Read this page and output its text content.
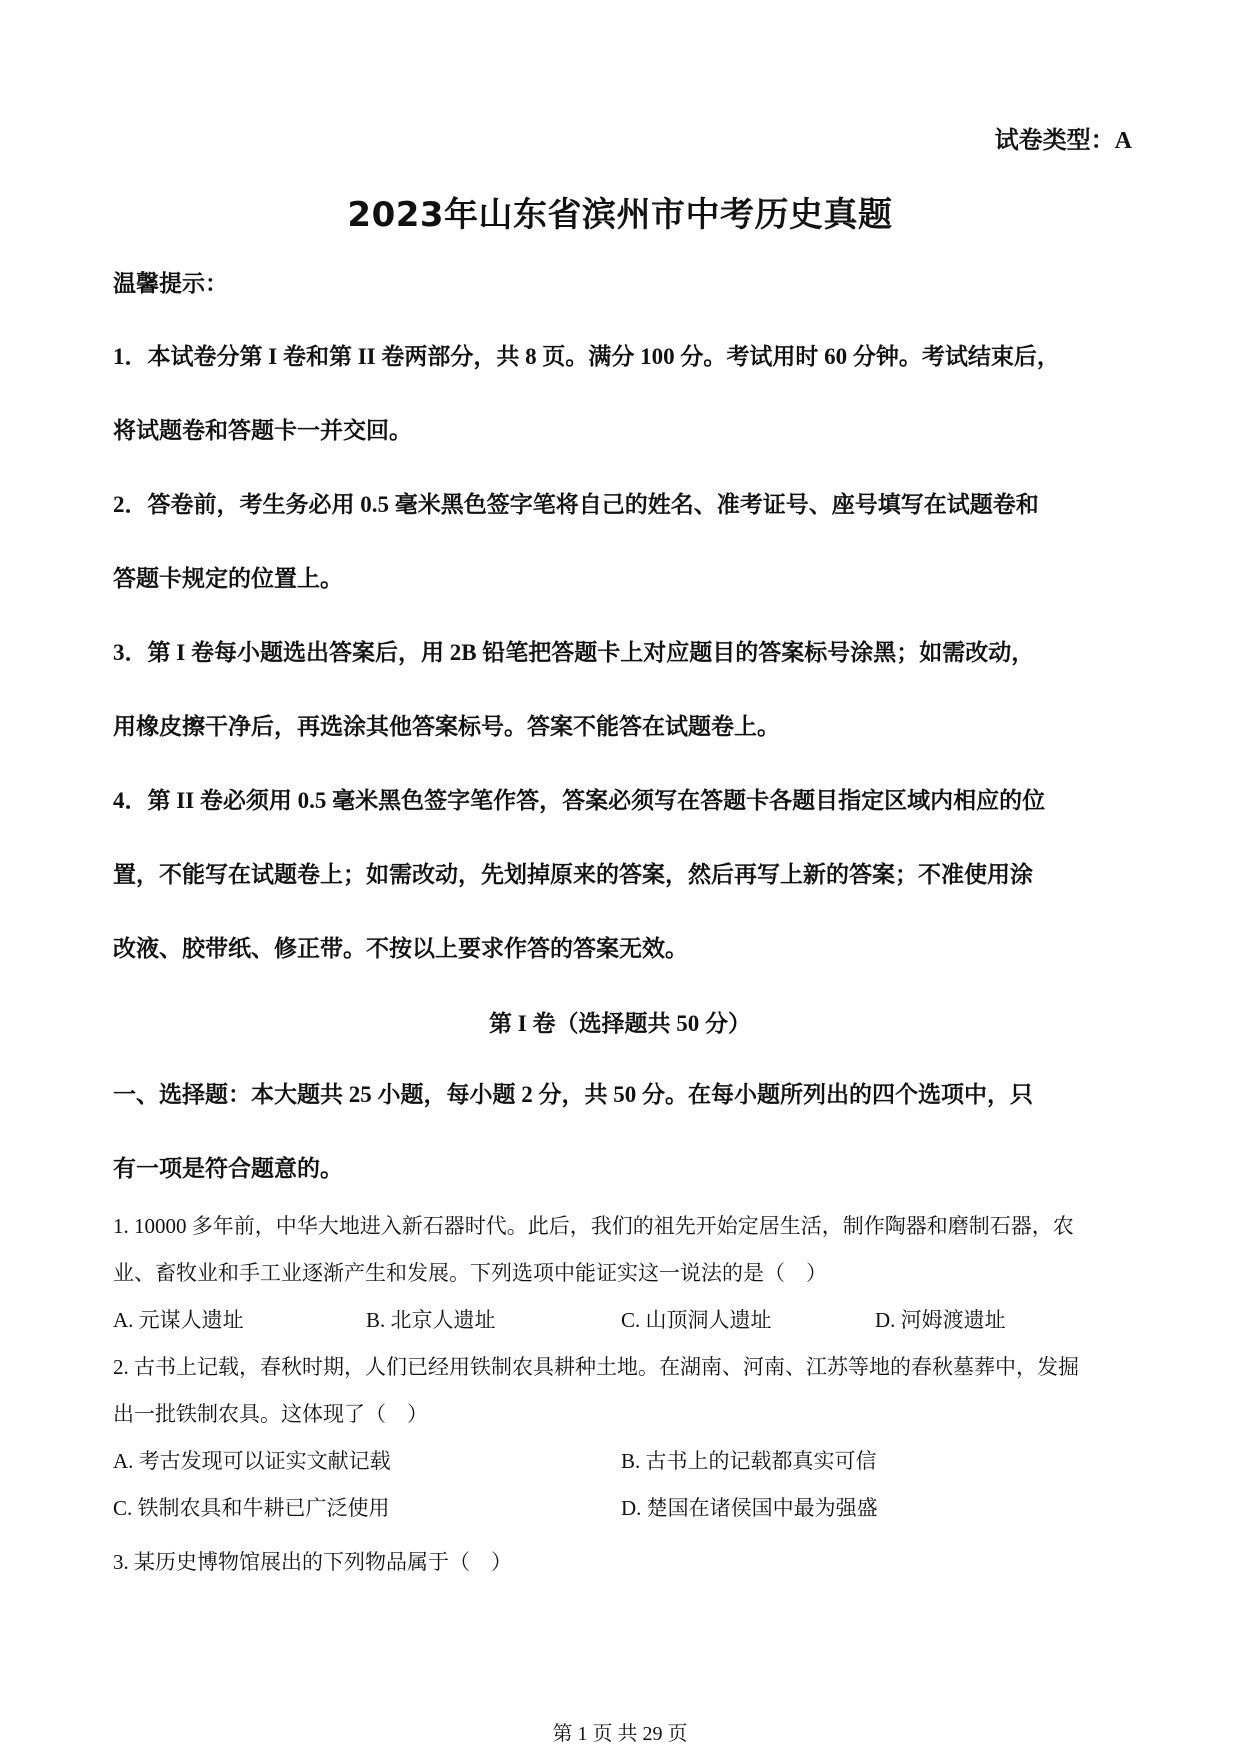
试卷类型：A
2023年山东省滨州市中考历史真题
温馨提示：
1．本试卷分第 I 卷和第 II 卷两部分，共 8 页。满分 100 分。考试用时 60 分钟。考试结束后，
将试题卷和答题卡一并交回。
2．答卷前，考生务必用 0.5 毫米黑色签字笔将自己的姓名、准考证号、座号填写在试题卷和
答题卡规定的位置上。
3．第 I 卷每小题选出答案后，用 2B 铅笔把答题卡上对应题目的答案标号涂黑；如需改动，
用橡皮擦干净后，再选涂其他答案标号。答案不能答在试题卷上。
4．第 II 卷必须用 0.5 毫米黑色签字笔作答，答案必须写在答题卡各题目指定区域内相应的位
置，不能写在试题卷上；如需改动，先划掉原来的答案，然后再写上新的答案；不准使用涂
改液、胶带纸、修正带。不按以上要求作答的答案无效。
第 I 卷（选择题共 50 分）
一、选择题：本大题共 25 小题，每小题 2 分，共 50 分。在每小题所列出的四个选项中，只
有一项是符合题意的。
1. 10000 多年前，中华大地进入新石器时代。此后，我们的祖先开始定居生活，制作陶器和磨制石器，农
业、畜牧业和手工业逐渐产生和发展。下列选项中能证实这一说法的是（　）
A. 元谋人遗址	B. 北京人遗址	C. 山顶洞人遗址	D. 河姆渡遗址
2. 古书上记载，春秋时期，人们已经用铁制农具耕种土地。在湖南、河南、江苏等地的春秋墓葬中，发掘
出一批铁制农具。这体现了（　）
A. 考古发现可以证实文献记载	B. 古书上的记载都真实可信
C. 铁制农具和牛耕已广泛使用	D. 楚国在诸侯国中最为强盛
3. 某历史博物馆展出的下列物品属于（　）
第 1 页 共 29 页
